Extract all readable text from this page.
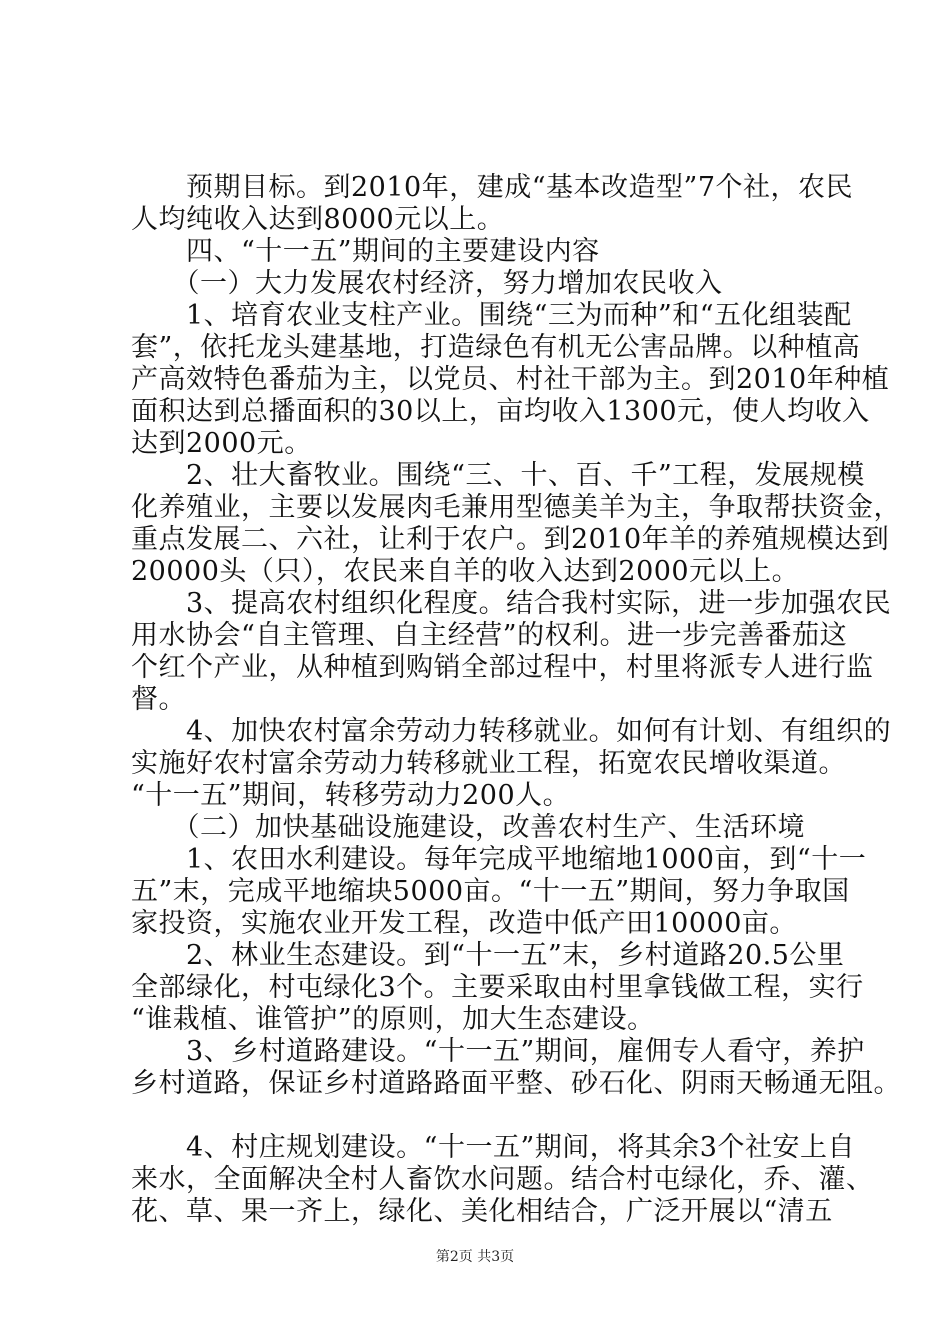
　　预期目标。到2010年，建成“基本改造型”7个社，农民
人均纯收入达到8000元以上。
　　四、“十一五”期间的主要建设内容
　　（一）大力发展农村经济，努力增加农民收入
　　1、培育农业支柱产业。围绕“三为而种”和“五化组装配
套”，依托龙头建基地，打造绿色有机无公害品牌。以种植高
产高效特色番茄为主，以党员、村社干部为主。到2010年种植
面积达到总播面积的30以上，亩均收入1300元，使人均收入
达到2000元。
　　2、壮大畜牧业。围绕“三、十、百、千”工程，发展规模
化养殖业，主要以发展肉毛兼用型德美羊为主，争取帮扶资金，
重点发展二、六社，让利于农户。到2010年羊的养殖规模达到
20000头（只），农民来自羊的收入达到2000元以上。
　　3、提高农村组织化程度。结合我村实际，进一步加强农民
用水协会“自主管理、自主经营”的权利。进一步完善番茄这
个红个产业，从种植到购销全部过程中，村里将派专人进行监
督。
　　4、加快农村富余劳动力转移就业。如何有计划、有组织的
实施好农村富余劳动力转移就业工程，拓宽农民增收渠道。
“十一五”期间，转移劳动力200人。
　　（二）加快基础设施建设，改善农村生产、生活环境
　　1、农田水利建设。每年完成平地缩地1000亩，到“十一
五”末，完成平地缩块5000亩。“十一五”期间，努力争取国
家投资，实施农业开发工程，改造中低产田10000亩。
　　2、林业生态建设。到“十一五”末，乡村道路20.5公里
全部绿化，村屯绿化3个。主要采取由村里拿钱做工程，实行
“谁栽植、谁管护”的原则，加大生态建设。
　　3、乡村道路建设。“十一五”期间，雇佣专人看守，养护
乡村道路，保证乡村道路路面平整、砂石化、阴雨天畅通无阻。
　　4、村庄规划建设。“十一五”期间，将其余3个社安上自
来水，全面解决全村人畜饮水问题。结合村屯绿化，乔、灌、
花、草、果一齐上，绿化、美化相结合，广泛开展以“清五
第2页 共3页
